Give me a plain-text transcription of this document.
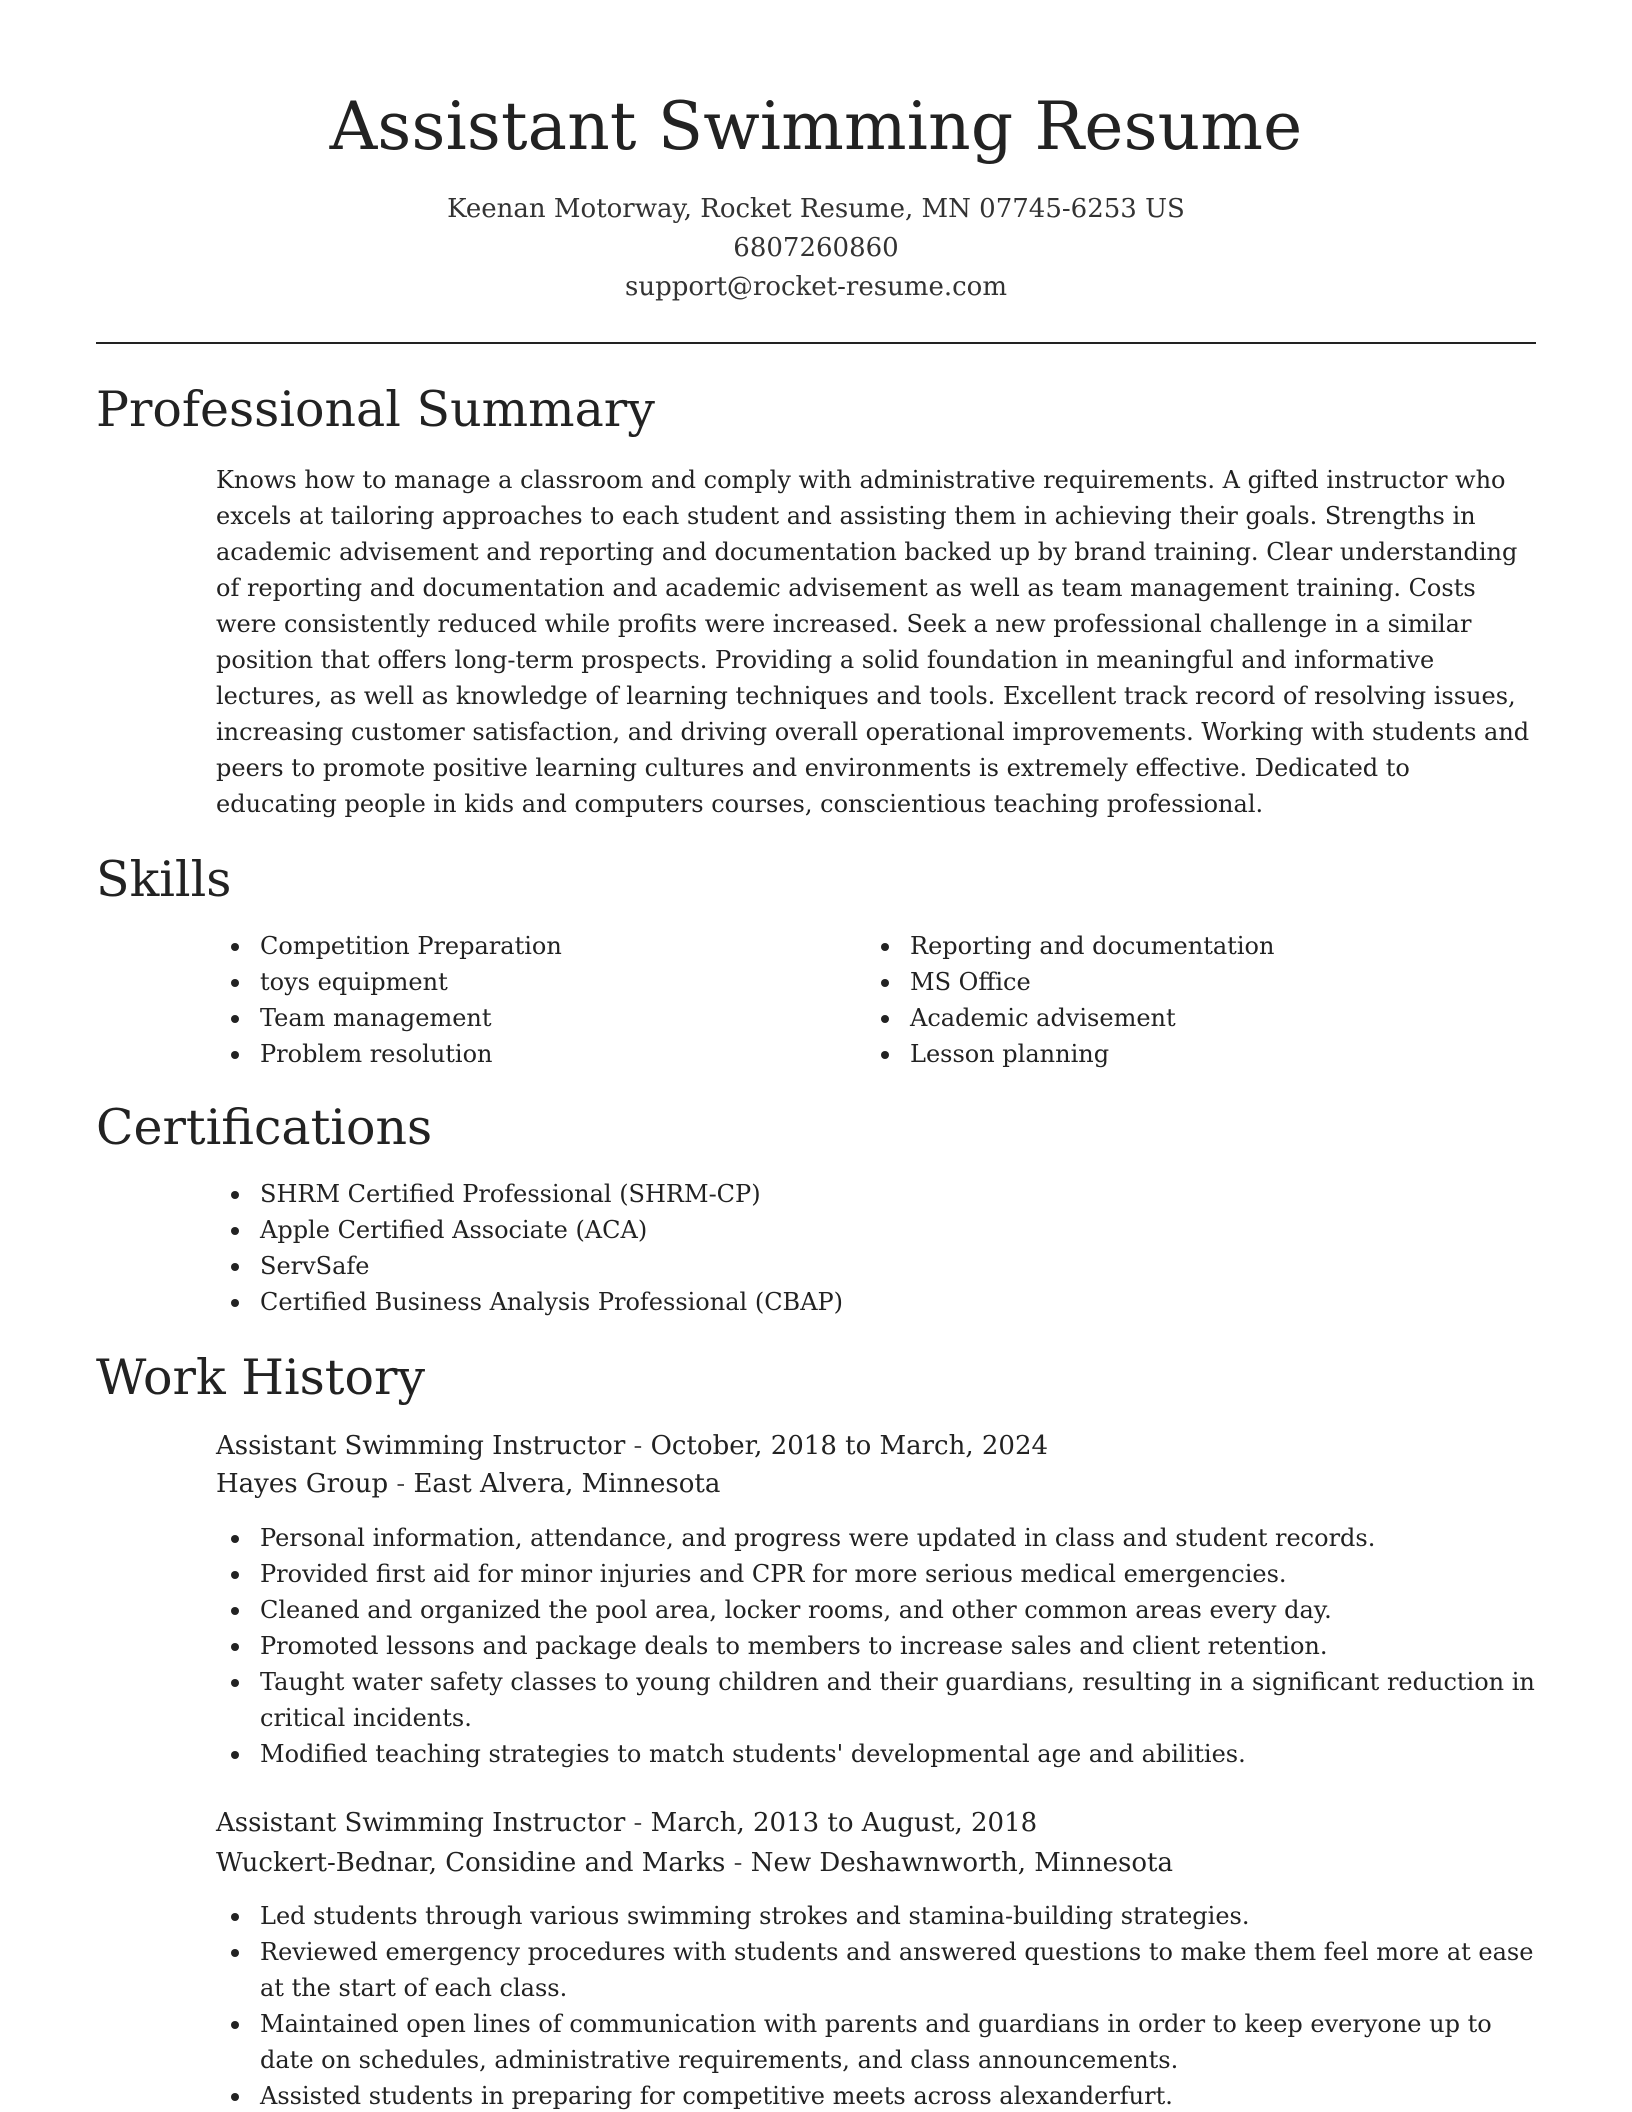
Assistant Swimming Resume
Keenan Motorway, Rocket Resume, MN 07745-6253 US
6807260860
support@rocket-resume.com
Professional Summary

Knows how to manage a classroom and comply with administrative requirements. A gifted instructor who excels at tailoring approaches to each student and assisting them in achieving their goals. Strengths in academic advisement and reporting and documentation backed up by brand training. Clear understanding of reporting and documentation and academic advisement as well as team management training. Costs were consistently reduced while profits were increased. Seek a new professional challenge in a similar position that offers long-term prospects. Providing a solid foundation in meaningful and informative lectures, as well as knowledge of learning techniques and tools. Excellent track record of resolving issues, increasing customer satisfaction, and driving overall operational improvements. Working with students and peers to promote positive learning cultures and environments is extremely effective. Dedicated to educating people in kids and computers courses, conscientious teaching professional.

Skills
Competition Preparation
toys equipment
Team management
Problem resolution
Reporting and documentation
MS Office
Academic advisement
Lesson planning
Certifications
SHRM Certified Professional (SHRM-CP)
Apple Certified Associate (ACA)
ServSafe
Certified Business Analysis Professional (CBAP)
Work History
Assistant Swimming Instructor - October, 2018 to March, 2024
Hayes Group - East Alvera, Minnesota
Personal information, attendance, and progress were updated in class and student records.
Provided first aid for minor injuries and CPR for more serious medical emergencies.
Cleaned and organized the pool area, locker rooms, and other common areas every day.
Promoted lessons and package deals to members to increase sales and client retention.
Taught water safety classes to young children and their guardians, resulting in a significant reduction in critical incidents.
Modified teaching strategies to match students' developmental age and abilities.
Assistant Swimming Instructor - March, 2013 to August, 2018
Wuckert-Bednar, Considine and Marks - New Deshawnworth, Minnesota
Led students through various swimming strokes and stamina-building strategies.
Reviewed emergency procedures with students and answered questions to make them feel more at ease at the start of each class.
Maintained open lines of communication with parents and guardians in order to keep everyone up to date on schedules, administrative requirements, and class announcements.
Assisted students in preparing for competitive meets across alexanderfurt.
